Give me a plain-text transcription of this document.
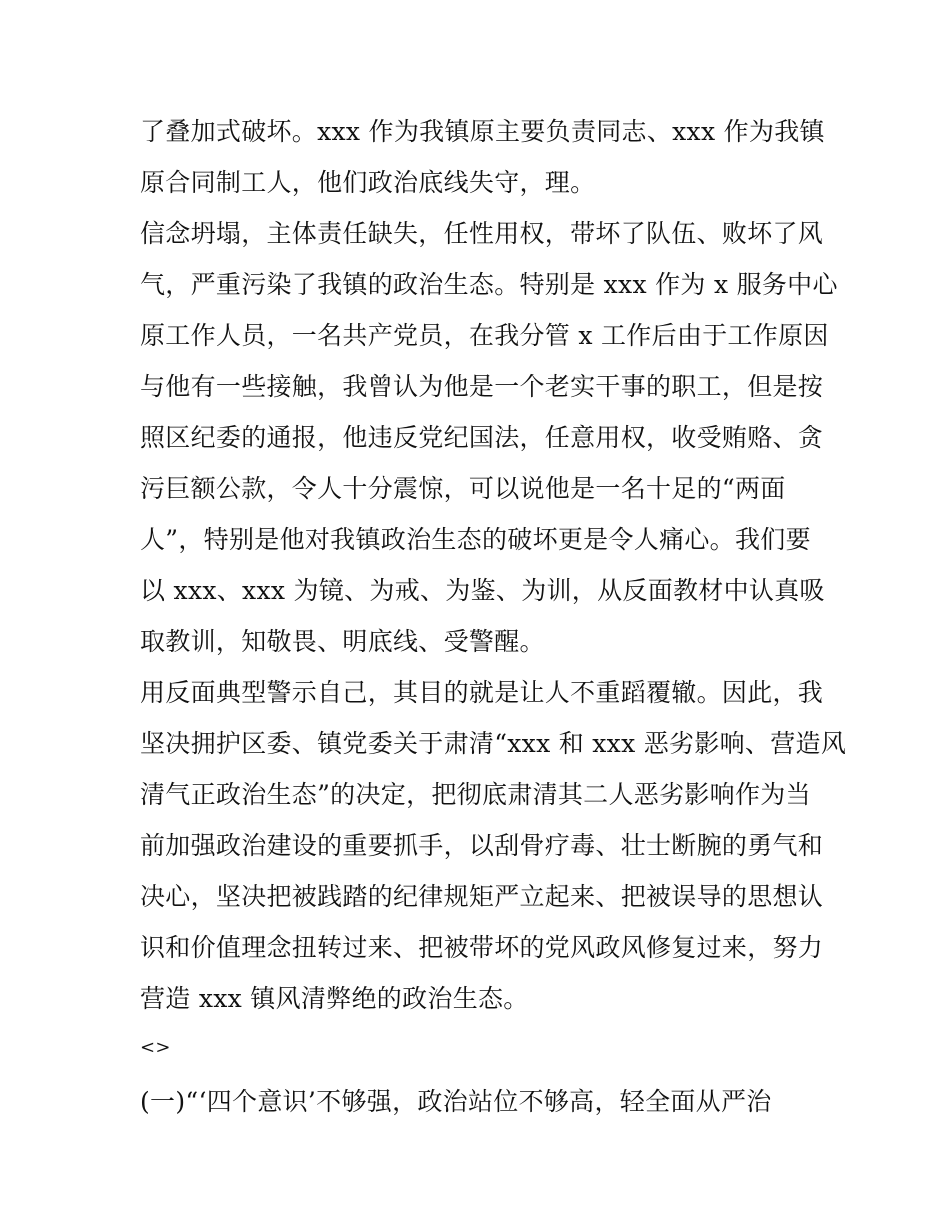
了叠加式破坏。xxx 作为我镇原主要负责同志、xxx 作为我镇
原合同制工人，他们政治底线失守，理。
信念坍塌，主体责任缺失，任性用权，带坏了队伍、败坏了风
气，严重污染了我镇的政治生态。特别是 xxx 作为 x 服务中心
原工作人员，一名共产党员，在我分管 x 工作后由于工作原因
与他有一些接触，我曾认为他是一个老实干事的职工，但是按
照区纪委的通报，他违反党纪国法，任意用权，收受贿赂、贪
污巨额公款，令人十分震惊，可以说他是一名十足的“两面
人”，特别是他对我镇政治生态的破坏更是令人痛心。我们要
以 xxx、xxx 为镜、为戒、为鉴、为训，从反面教材中认真吸
取教训，知敬畏、明底线、受警醒。
用反面典型警示自己，其目的就是让人不重蹈覆辙。因此，我
坚决拥护区委、镇党委关于肃清“xxx 和 xxx 恶劣影响、营造风
清气正政治生态”的决定，把彻底肃清其二人恶劣影响作为当
前加强政治建设的重要抓手，以刮骨疗毒、壮士断腕的勇气和
决心，坚决把被践踏的纪律规矩严立起来、把被误导的思想认
识和价值理念扭转过来、把被带坏的党风政风修复过来，努力
营造 xxx 镇风清弊绝的政治生态。
<>
(一)“‘四个意识’不够强，政治站位不够高，轻全面从严治
